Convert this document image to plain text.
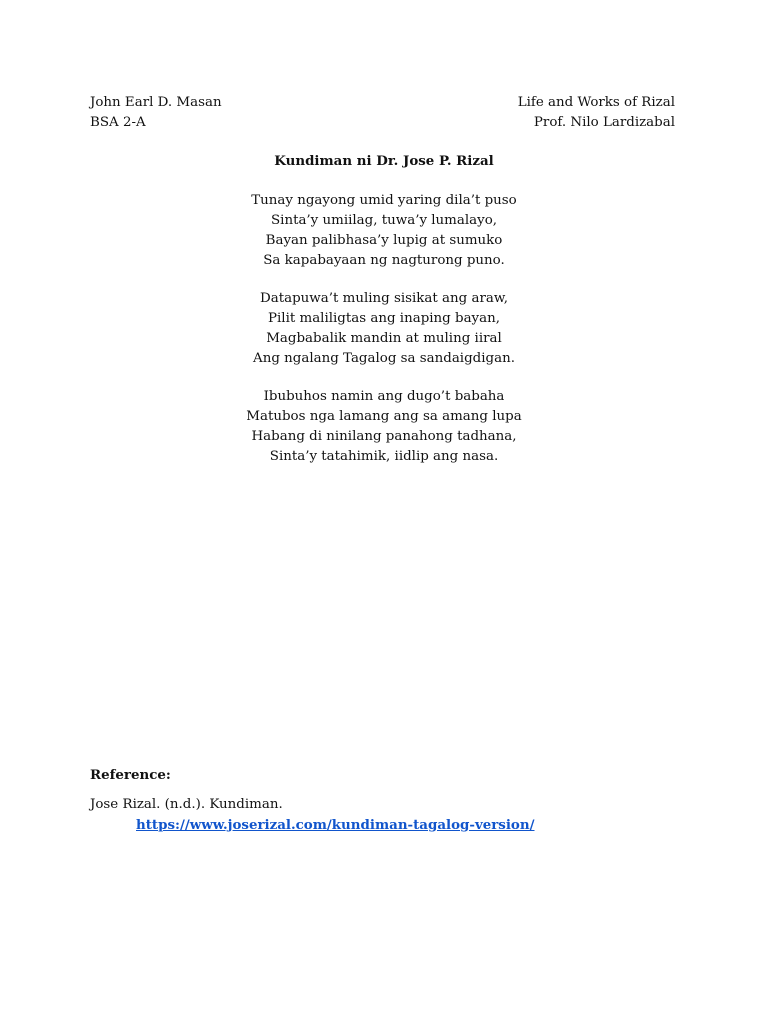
John Earl D. Masan
BSA 2-A
Life and Works of Rizal
Prof. Nilo Lardizabal
Kundiman ni Dr. Jose P. Rizal
Tunay ngayong umid yaring dila’t puso
Sinta’y umiilag, tuwa’y lumalayo,
Bayan palibhasa’y lupig at sumuko
Sa kapabayaan ng nagturong puno.
Datapuwa’t muling sisikat ang araw,
Pilit maliligtas ang inaping bayan,
Magbabalik mandin at muling iiral
Ang ngalang Tagalog sa sandaigdigan.
Ibubuhos namin ang dugo’t babaha
Matubos nga lamang ang sa amang lupa
Habang di ninilang panahong tadhana,
Sinta’y tatahimik, iidlip ang nasa.
Reference:
Jose Rizal. (n.d.). Kundiman.
https://www.joserizal.com/kundiman-tagalog-version/
